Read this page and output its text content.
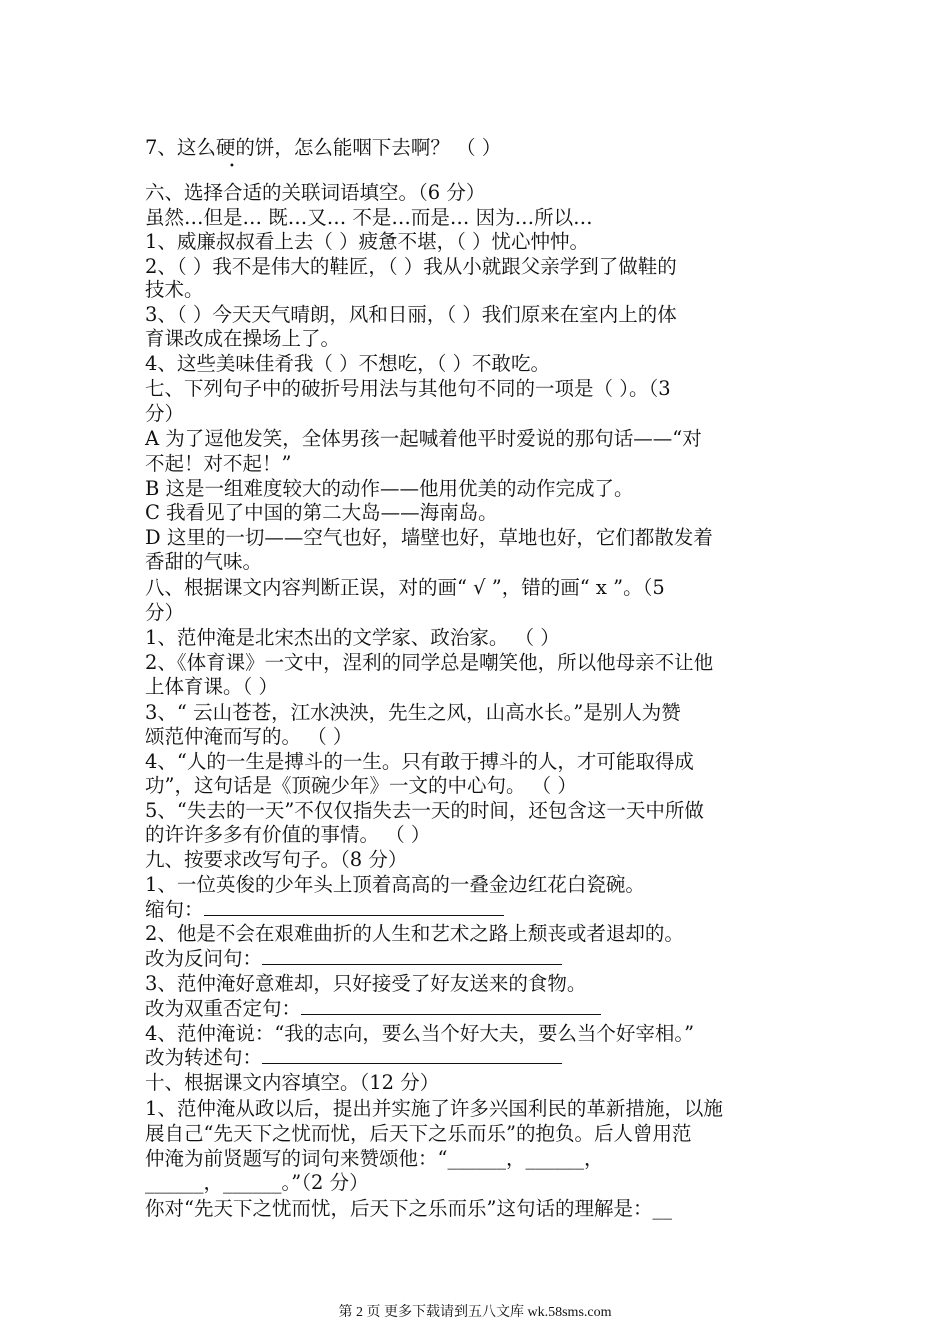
7、这么硬的饼，怎么能咽下去啊？ （ ）
六、选择合适的关联词语填空。（6 分）
虽然…但是… 既…又… 不是…而是… 因为…所以…
1、威廉叔叔看上去（ ）疲惫不堪，（ ）忧心忡忡。
2、（ ）我不是伟大的鞋匠，（ ）我从小就跟父亲学到了做鞋的
技术。
3、（ ）今天天气晴朗，风和日丽，（ ）我们原来在室内上的体
育课改成在操场上了。
4、这些美味佳肴我（ ）不想吃，（ ）不敢吃。
七、下列句子中的破折号用法与其他句不同的一项是（ ）。（3
分）
A 为了逗他发笑，全体男孩一起喊着他平时爱说的那句话——“对
不起！对不起！”
B 这是一组难度较大的动作——他用优美的动作完成了。
C 我看见了中国的第二大岛——海南岛。
D 这里的一切——空气也好，墙壁也好，草地也好，它们都散发着
香甜的气味。
八、根据课文内容判断正误，对的画“ √ ”，错的画“ x ”。（5
分）
1、范仲淹是北宋杰出的文学家、政治家。 （ ）
2、《体育课》一文中，涅利的同学总是嘲笑他，所以他母亲不让他
上体育课。（ ）
3、“ 云山苍苍，江水泱泱，先生之风，山高水长。”是别人为赞
颂范仲淹而写的。 （ ）
4、“人的一生是搏斗的一生。只有敢于搏斗的人，才可能取得成
功”，这句话是《顶碗少年》一文的中心句。 （ ）
5、“失去的一天”不仅仅指失去一天的时间，还包含这一天中所做
的许许多多有价值的事情。 （ ）
九、按要求改写句子。（8 分）
1、一位英俊的少年头上顶着高高的一叠金边红花白瓷碗。
缩句：
2、他是不会在艰难曲折的人生和艺术之路上颓丧或者退却的。
改为反问句：
3、范仲淹好意难却，只好接受了好友送来的食物。
改为双重否定句：
4、范仲淹说：“我的志向，要么当个好大夫，要么当个好宰相。”
改为转述句：
十、根据课文内容填空。（12 分）
1、范仲淹从政以后，提出并实施了许多兴国利民的革新措施，以施
展自己“先天下之忧而忧，后天下之乐而乐”的抱负。后人曾用范
仲淹为前贤题写的词句来赞颂他：“______，______，
______，______。”（2 分）
你对“先天下之忧而忧，后天下之乐而乐”这句话的理解是：__
•
第 2 页 更多下载请到五八文库 wk.58sms.com
